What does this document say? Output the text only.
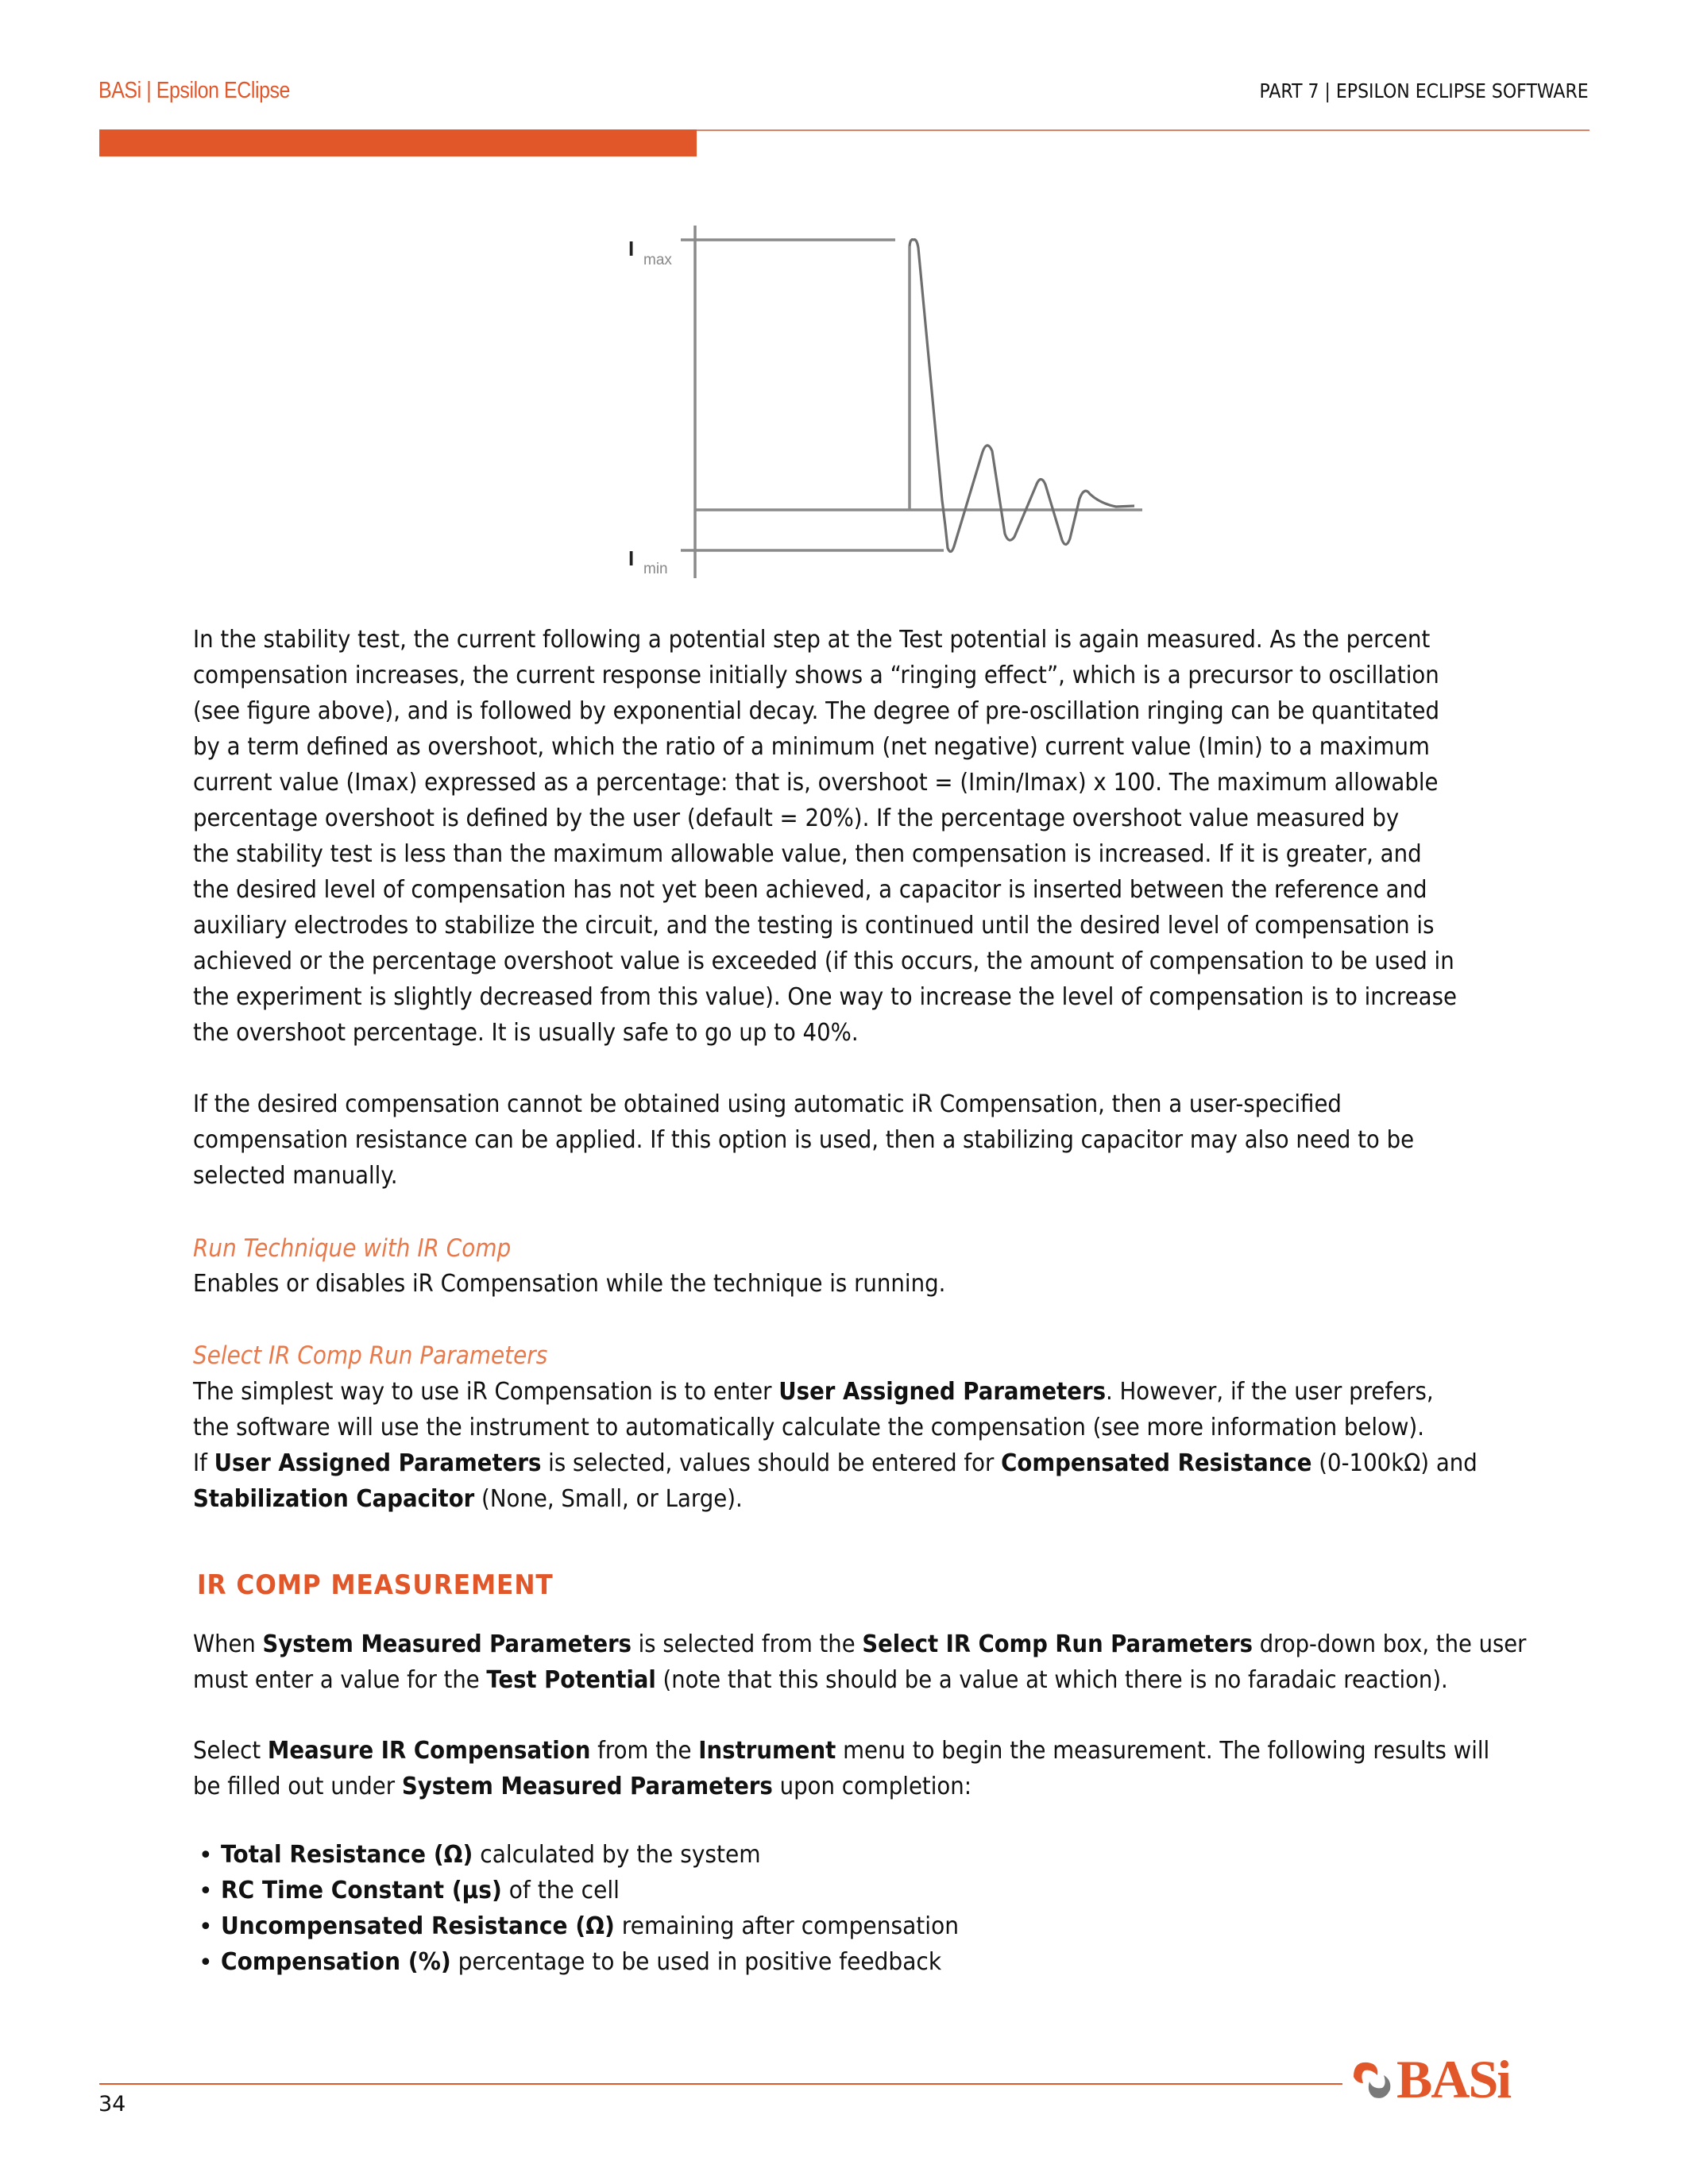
BASi | Epsilon EClipse	PART 7 | EPSILON ECLIPSE SOFTWARE
I max
I min
In the stability test, the current following a potential step at the Test potential is again measured. As the percent
compensation increases, the current response initially shows a “ringing effect”, which is a precursor to oscillation
(see figure above), and is followed by exponential decay. The degree of pre-oscillation ringing can be quantitated
by a term defined as overshoot, which the ratio of a minimum (net negative) current value (Imin) to a maximum
current value (Imax) expressed as a percentage: that is, overshoot = (Imin/Imax) x 100. The maximum allowable
percentage overshoot is defined by the user (default = 20%). If the percentage overshoot value measured by
the stability test is less than the maximum allowable value, then compensation is increased. If it is greater, and
the desired level of compensation has not yet been achieved, a capacitor is inserted between the reference and
auxiliary electrodes to stabilize the circuit, and the testing is continued until the desired level of compensation is
achieved or the percentage overshoot value is exceeded (if this occurs, the amount of compensation to be used in
the experiment is slightly decreased from this value). One way to increase the level of compensation is to increase
the overshoot percentage. It is usually safe to go up to 40%.
If the desired compensation cannot be obtained using automatic iR Compensation, then a user-specified
compensation resistance can be applied. If this option is used, then a stabilizing capacitor may also need to be
selected manually.
Run Technique with IR Comp
Enables or disables iR Compensation while the technique is running.
Select IR Comp Run Parameters
The simplest way to use iR Compensation is to enter User Assigned Parameters. However, if the user prefers,
the software will use the instrument to automatically calculate the compensation (see more information below).
If User Assigned Parameters is selected, values should be entered for Compensated Resistance (0-100kΩ) and
Stabilization Capacitor (None, Small, or Large).
IR COMP MEASUREMENT
When System Measured Parameters is selected from the Select IR Comp Run Parameters drop-down box, the user
must enter a value for the Test Potential (note that this should be a value at which there is no faradaic reaction).
Select Measure IR Compensation from the Instrument menu to begin the measurement. The following results will
be filled out under System Measured Parameters upon completion:
• Total Resistance (Ω) calculated by the system
• RC Time Constant (µs) of the cell
• Uncompensated Resistance (Ω) remaining after compensation
• Compensation (%) percentage to be used in positive feedback
34	BASi
